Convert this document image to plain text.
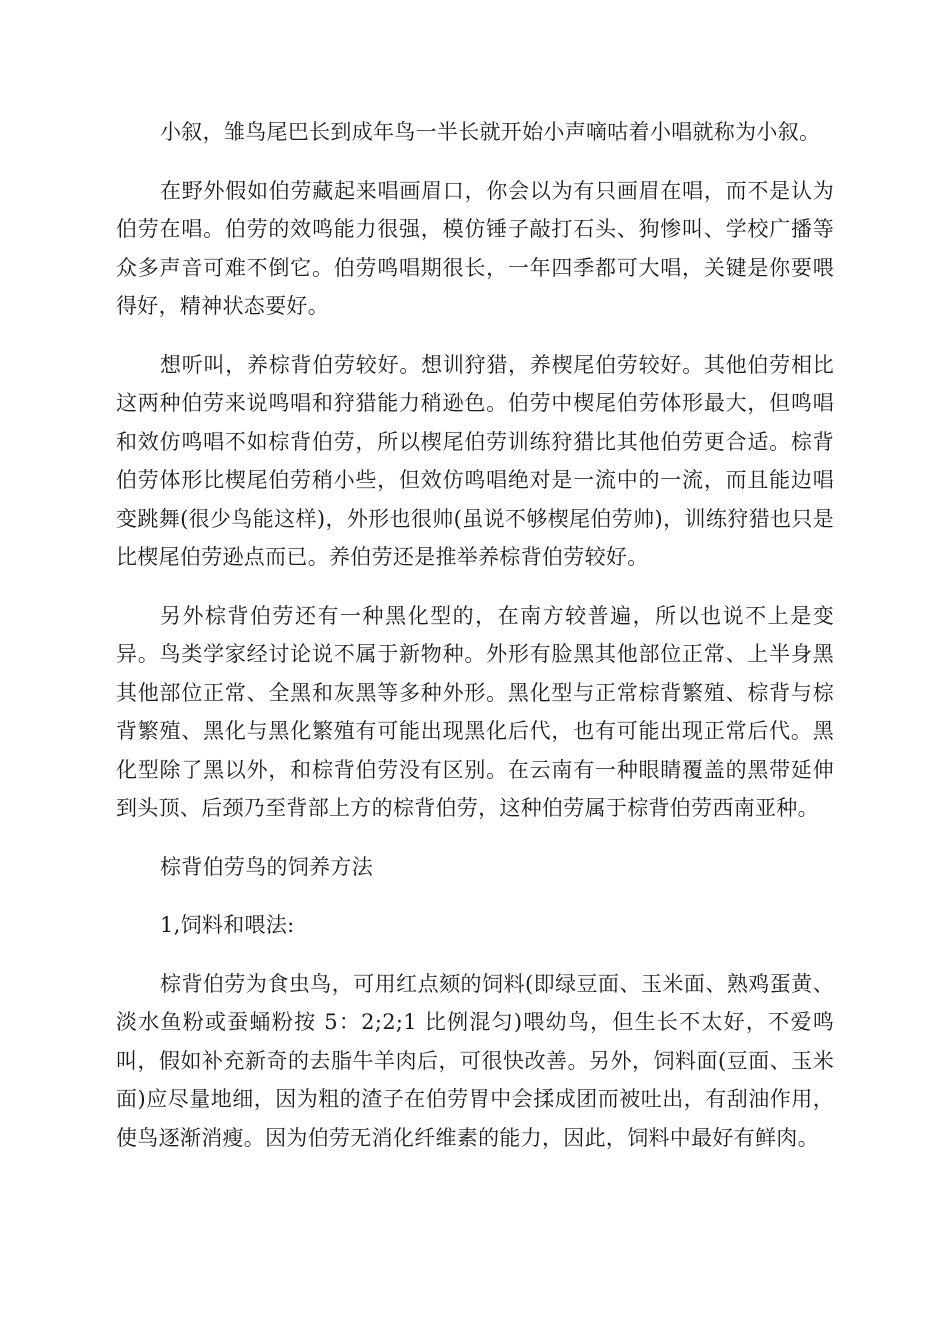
小叙，雏鸟尾巴长到成年鸟一半长就开始小声嘀咕着小唱就称为小叙。

在野外假如伯劳藏起来唱画眉口，你会以为有只画眉在唱，而不是认为伯劳在唱。伯劳的效鸣能力很强，模仿锤子敲打石头、狗惨叫、学校广播等众多声音可难不倒它。伯劳鸣唱期很长，一年四季都可大唱，关键是你要喂得好，精神状态要好。

想听叫，养棕背伯劳较好。想训狩猎，养楔尾伯劳较好。其他伯劳相比这两种伯劳来说鸣唱和狩猎能力稍逊色。伯劳中楔尾伯劳体形最大，但鸣唱和效仿鸣唱不如棕背伯劳，所以楔尾伯劳训练狩猎比其他伯劳更合适。棕背伯劳体形比楔尾伯劳稍小些，但效仿鸣唱绝对是一流中的一流，而且能边唱变跳舞(很少鸟能这样)，外形也很帅(虽说不够楔尾伯劳帅)，训练狩猎也只是比楔尾伯劳逊点而已。养伯劳还是推举养棕背伯劳较好。

另外棕背伯劳还有一种黑化型的，在南方较普遍，所以也说不上是变异。鸟类学家经讨论说不属于新物种。外形有脸黑其他部位正常、上半身黑其他部位正常、全黑和灰黑等多种外形。黑化型与正常棕背繁殖、棕背与棕背繁殖、黑化与黑化繁殖有可能出现黑化后代，也有可能出现正常后代。黑化型除了黑以外，和棕背伯劳没有区别。在云南有一种眼睛覆盖的黑带延伸到头顶、后颈乃至背部上方的棕背伯劳，这种伯劳属于棕背伯劳西南亚种。

棕背伯劳鸟的饲养方法

1,饲料和喂法:

棕背伯劳为食虫鸟，可用红点颏的饲料(即绿豆面、玉米面、熟鸡蛋黄、淡水鱼粉或蚕蛹粉按 5：2;2;1 比例混匀)喂幼鸟，但生长不太好，不爱鸣叫，假如补充新奇的去脂牛羊肉后，可很快改善。另外，饲料面(豆面、玉米面)应尽量地细，因为粗的渣子在伯劳胃中会揉成团而被吐出，有刮油作用，使鸟逐渐消瘦。因为伯劳无消化纤维素的能力，因此，饲料中最好有鲜肉。
